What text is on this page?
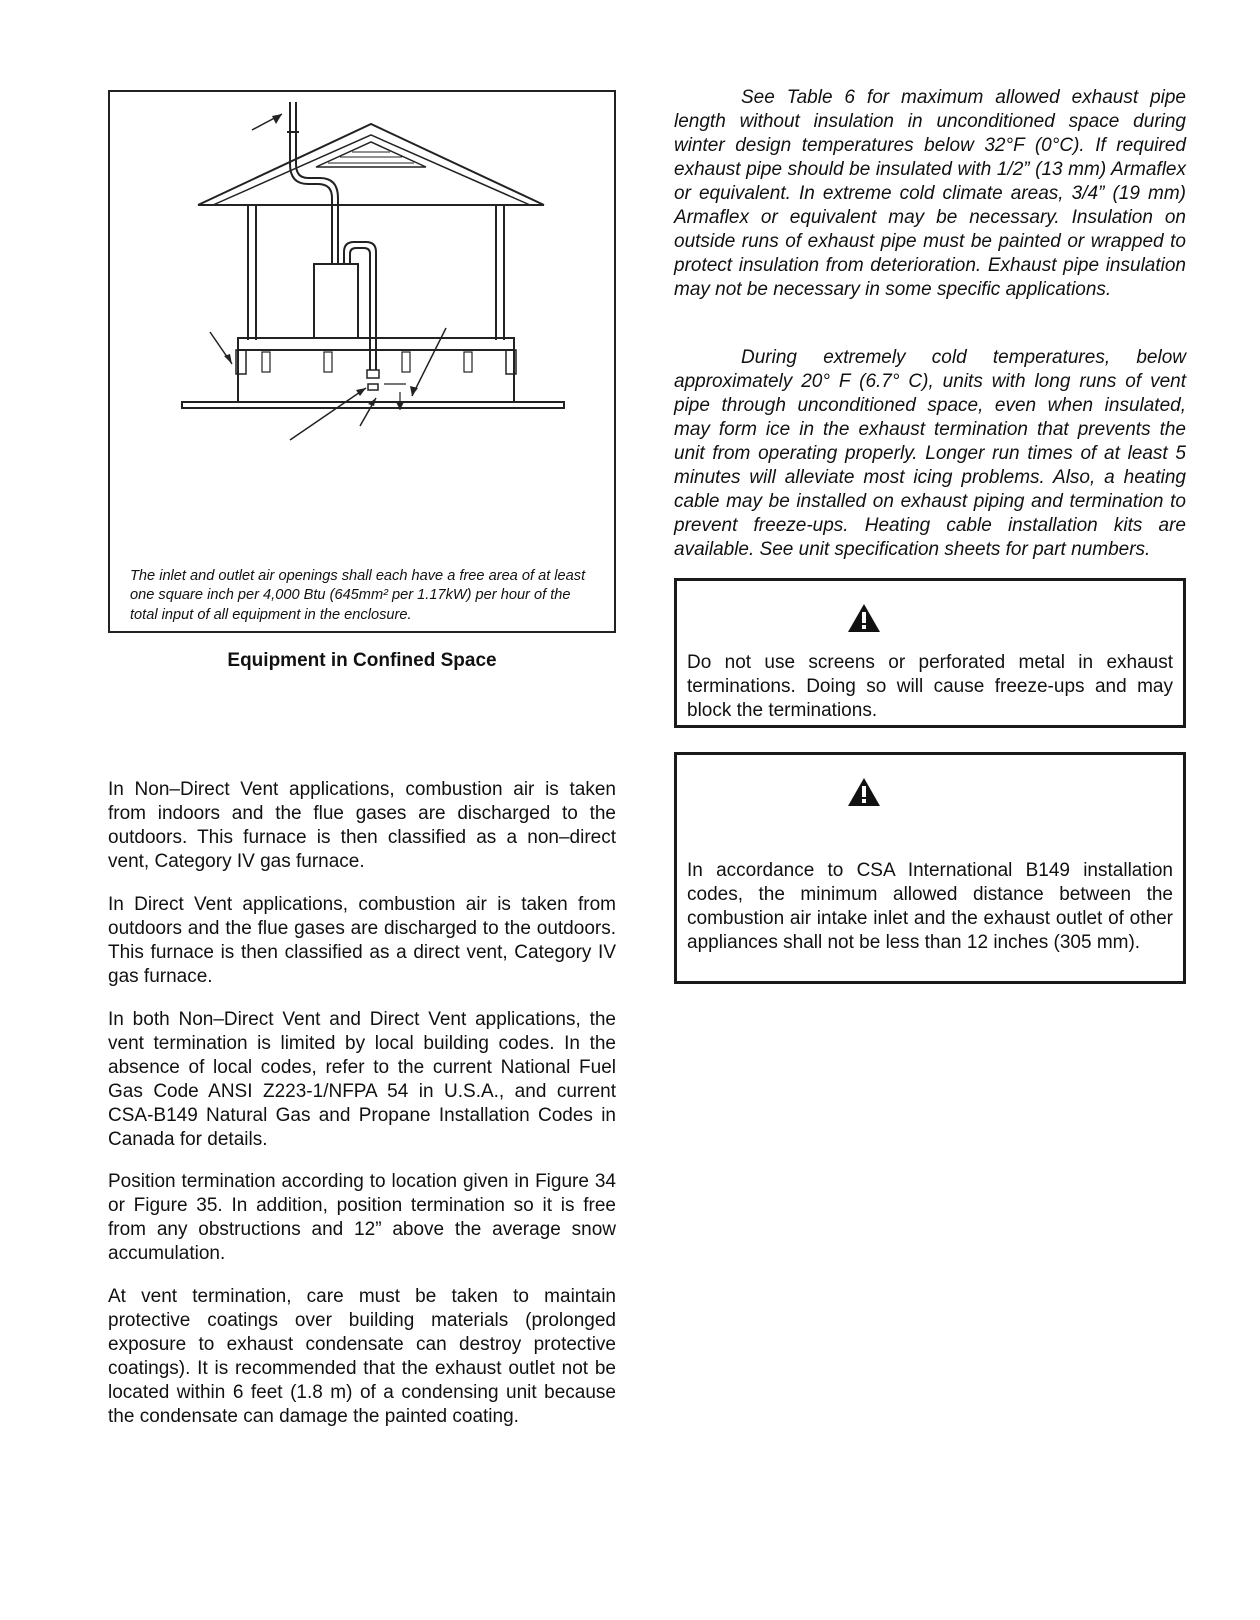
The inlet and outlet air openings shall each have a free area of at least one square inch per 4,000 Btu (645mm² per 1.17kW) per hour of the total input of all equipment in the enclosure.

Equipment in Confined Space

In Non–Direct Vent applications, combustion air is taken from indoors and the flue gases are discharged to the outdoors. This furnace is then classified as a non–direct vent, Category IV gas furnace.

In Direct Vent applications, combustion air is taken from outdoors and the flue gases are discharged to the outdoors. This furnace is then classified as a direct vent, Category IV gas furnace.

In both Non–Direct Vent and Direct Vent applications, the vent termination is limited by local building codes. In the absence of local codes, refer to the current National Fuel Gas Code ANSI Z223-1/NFPA 54 in U.S.A., and current CSA-B149 Natural Gas and Propane Installation Codes in Canada for details.

Position termination according to location given in Figure 34 or Figure 35. In addition, position termination so it is free from any obstructions and 12” above the average snow accumulation.

At vent termination, care must be taken to maintain protective coatings over building materials (prolonged exposure to exhaust condensate can destroy protective coatings). It is recommended that the exhaust outlet not be located within 6 feet (1.8 m) of a condensing unit because the condensate can damage the painted coating.

See Table 6 for maximum allowed exhaust pipe length without insulation in unconditioned space during winter design temperatures below 32°F (0°C). If required exhaust pipe should be insulated with 1/2” (13 mm) Armaflex or equivalent. In extreme cold climate areas, 3/4” (19 mm) Armaflex or equivalent may be necessary. Insulation on outside runs of exhaust pipe must be painted or wrapped to protect insulation from deterioration. Exhaust pipe insulation may not be necessary in some specific applications.

During extremely cold temperatures, below approximately 20° F (6.7° C), units with long runs of vent pipe through unconditioned space, even when insulated, may form ice in the exhaust termination that prevents the unit from operating properly. Longer run times of at least 5 minutes will alleviate most icing problems. Also, a heating cable may be installed on exhaust piping and termination to prevent freeze-ups. Heating cable installation kits are available. See unit specification sheets for part numbers.

Do not use screens or perforated metal in exhaust terminations. Doing so will cause freeze-ups and may block the terminations.

In accordance to CSA International B149 installation codes, the minimum allowed distance between the combustion air intake inlet and the exhaust outlet of other appliances shall not be less than 12 inches (305 mm).
